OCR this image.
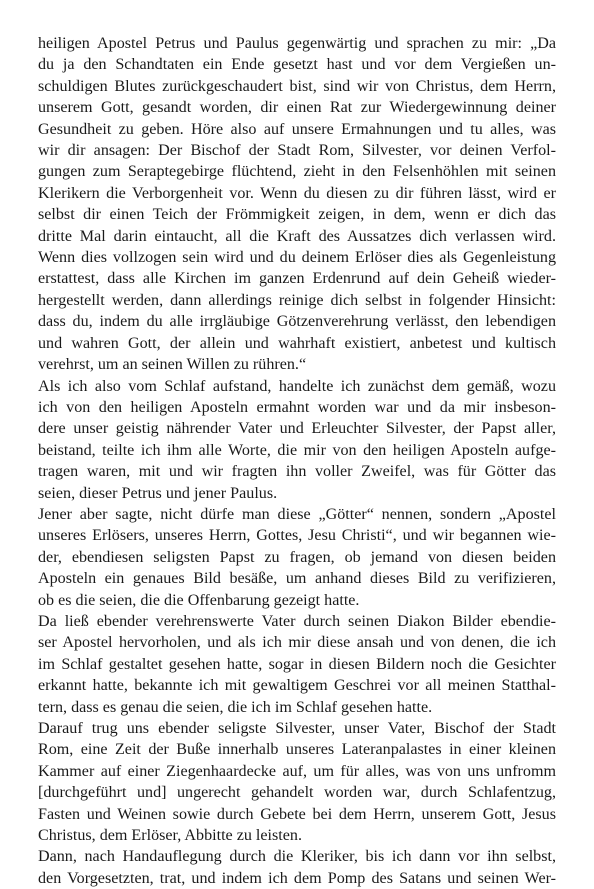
heiligen Apostel Petrus und Paulus gegenwärtig und sprachen zu mir: „Da
du ja den Schandtaten ein Ende gesetzt hast und vor dem Vergießen un-
schuldigen Blutes zurückgeschaudert bist, sind wir von Christus, dem Herrn,
unserem Gott, gesandt worden, dir einen Rat zur Wiedergewinnung deiner
Gesundheit zu geben. Höre also auf unsere Ermahnungen und tu alles, was
wir dir ansagen: Der Bischof der Stadt Rom, Silvester, vor deinen Verfol-
gungen zum Seraptegebirge flüchtend, zieht in den Felsenhöhlen mit seinen
Klerikern die Verborgenheit vor. Wenn du diesen zu dir führen lässt, wird er
selbst dir einen Teich der Frömmigkeit zeigen, in dem, wenn er dich das
dritte Mal darin eintaucht, all die Kraft des Aussatzes dich verlassen wird.
Wenn dies vollzogen sein wird und du deinem Erlöser dies als Gegenleistung
erstattest, dass alle Kirchen im ganzen Erdenrund auf dein Geheiß wieder-
hergestellt werden, dann allerdings reinige dich selbst in folgender Hinsicht:
dass du, indem du alle irrgläubige Götzenverehrung verlässt, den lebendigen
und wahren Gott, der allein und wahrhaft existiert, anbetest und kultisch
verehrst, um an seinen Willen zu rühren.“

Als ich also vom Schlaf aufstand, handelte ich zunächst dem gemäß, wozu
ich von den heiligen Aposteln ermahnt worden war und da mir insbeson-
dere unser geistig nährender Vater und Erleuchter Silvester, der Papst aller,
beistand, teilte ich ihm alle Worte, die mir von den heiligen Aposteln aufge-
tragen waren, mit und wir fragten ihn voller Zweifel, was für Götter das
seien, dieser Petrus und jener Paulus.

Jener aber sagte, nicht dürfe man diese „Götter“ nennen, sondern „Apostel
unseres Erlösers, unseres Herrn, Gottes, Jesu Christi“, und wir begannen wie-
der, ebendiesen seligsten Papst zu fragen, ob jemand von diesen beiden
Aposteln ein genaues Bild besäße, um anhand dieses Bild zu verifizieren,
ob es die seien, die die Offenbarung gezeigt hatte.

Da ließ ebender verehrenswerte Vater durch seinen Diakon Bilder ebendie-
ser Apostel hervorholen, und als ich mir diese ansah und von denen, die ich
im Schlaf gestaltet gesehen hatte, sogar in diesen Bildern noch die Gesichter
erkannt hatte, bekannte ich mit gewaltigem Geschrei vor all meinen Statthal-
tern, dass es genau die seien, die ich im Schlaf gesehen hatte.

Darauf trug uns ebender seligste Silvester, unser Vater, Bischof der Stadt
Rom, eine Zeit der Buße innerhalb unseres Lateranpalastes in einer kleinen
Kammer auf einer Ziegenhaardecke auf, um für alles, was von uns unfromm
[durchgeführt und] ungerecht gehandelt worden war, durch Schlafentzug,
Fasten und Weinen sowie durch Gebete bei dem Herrn, unserem Gott, Jesus
Christus, dem Erlöser, Abbitte zu leisten.

Dann, nach Handauflegung durch die Kleriker, bis ich dann vor ihn selbst,
den Vorgesetzten, trat, und indem ich dem Pomp des Satans und seinen Wer-
